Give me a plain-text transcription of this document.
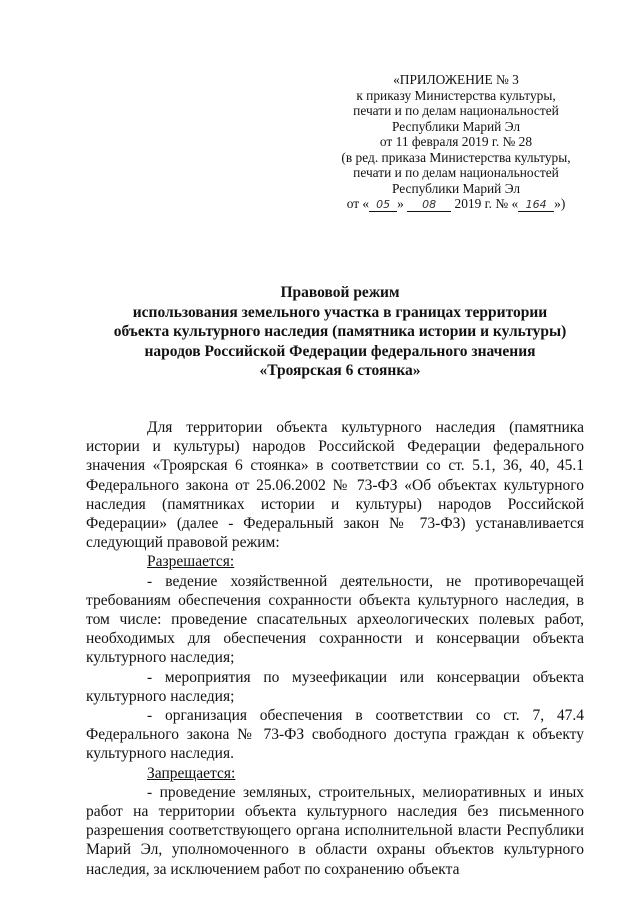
«ПРИЛОЖЕНИЕ № 3
к приказу Министерства культуры,
печати и по делам национальностей
Республики Марий Эл
от 11 февраля 2019 г. № 28
(в ред. приказа Министерства культуры,
печати и по делам национальностей
Республики Марий Эл
от « 05 » 08 2019 г. № « 164 »)
Правовой режим
использования земельного участка в границах территории
объекта культурного наследия (памятника истории и культуры)
народов Российской Федерации федерального значения
«Троярская 6 стоянка»

Для территории объекта культурного наследия (памятника истории и культуры) народов Российской Федерации федерального значения «Троярская 6 стоянка» в соответствии со ст. 5.1, 36, 40, 45.1 Федерального закона от 25.06.2002 № 73-ФЗ «Об объектах культурного наследия (памятниках истории и культуры) народов Российской Федерации» (далее - Федеральный закон № 73-ФЗ) устанавливается следующий правовой режим:

Разрешается:

- ведение хозяйственной деятельности, не противоречащей требованиям обеспечения сохранности объекта культурного наследия, в том числе: проведение спасательных археологических полевых работ, необходимых для обеспечения сохранности и консервации объекта культурного наследия;

- мероприятия по музеефикации или консервации объекта культурного наследия;

- организация обеспечения в соответствии со ст. 7, 47.4 Федерального закона № 73-ФЗ свободного доступа граждан к объекту культурного наследия.

Запрещается:

- проведение земляных, строительных, мелиоративных и иных работ на территории объекта культурного наследия без письменного разрешения соответствующего органа исполнительной власти Республики Марий Эл, уполномоченного в области охраны объектов культурного наследия, за исключением работ по сохранению объекта
